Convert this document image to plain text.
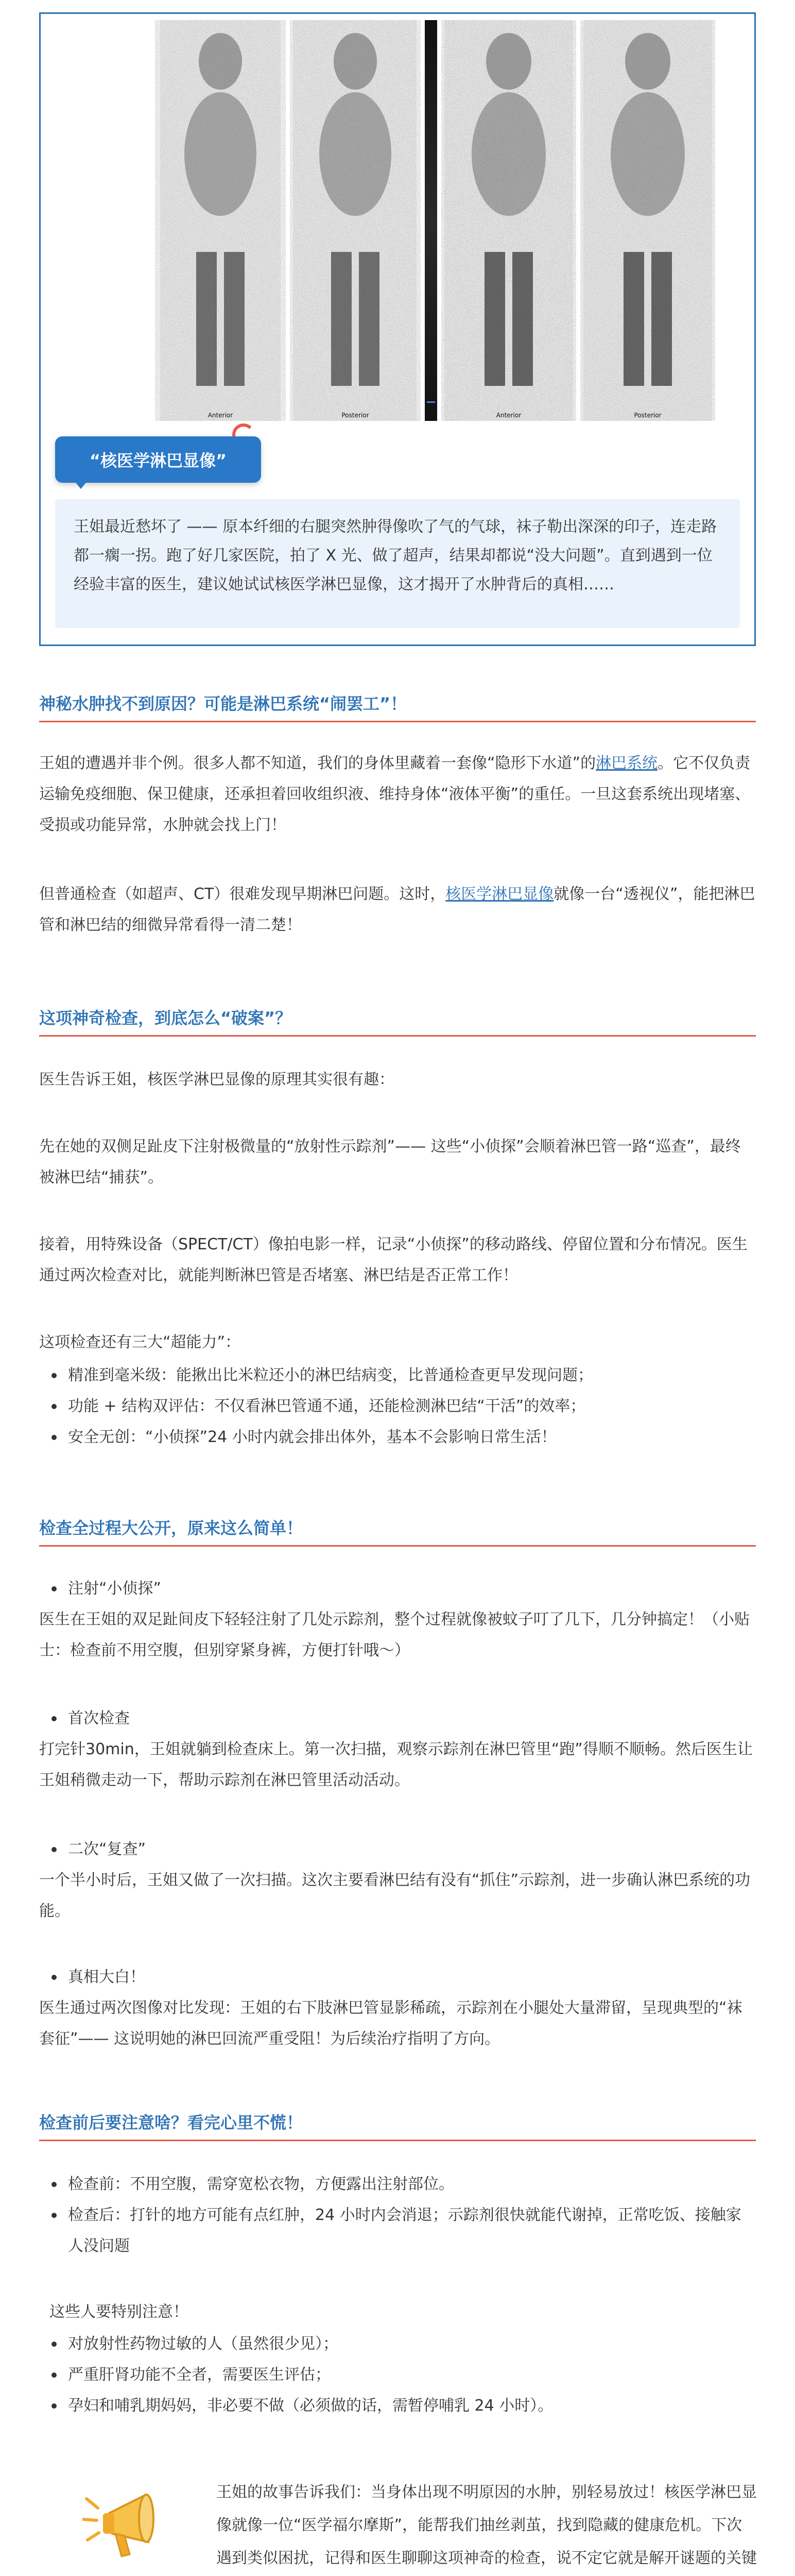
Anterior	Posterior	Anterior	Posterior
“核医学淋巴显像”
王姐最近愁坏了 —— 原本纤细的右腿突然肿得像吹了气的气球，袜子勒出深深的印子，连走路都一瘸一拐。跑了好几家医院，拍了 X 光、做了超声，结果却都说“没大问题”。直到遇到一位经验丰富的医生，建议她试试核医学淋巴显像，这才揭开了水肿背后的真相……
神秘水肿找不到原因？可能是淋巴系统“闹罢工”！
王姐的遭遇并非个例。很多人都不知道，我们的身体里藏着一套像“隐形下水道”的淋巴系统。它不仅负责运输免疫细胞、保卫健康，还承担着回收组织液、维持身体“液体平衡”的重任。一旦这套系统出现堵塞、受损或功能异常，水肿就会找上门！
但普通检查（如超声、CT）很难发现早期淋巴问题。这时，核医学淋巴显像就像一台“透视仪”，能把淋巴管和淋巴结的细微异常看得一清二楚！
这项神奇检查，到底怎么“破案”？
医生告诉王姐，核医学淋巴显像的原理其实很有趣：
先在她的双侧足趾皮下注射极微量的“放射性示踪剂”—— 这些“小侦探”会顺着淋巴管一路“巡查”，最终被淋巴结“捕获”。
接着，用特殊设备（SPECT/CT）像拍电影一样，记录“小侦探”的移动路线、停留位置和分布情况。医生通过两次检查对比，就能判断淋巴管是否堵塞、淋巴结是否正常工作！
这项检查还有三大“超能力”：
精准到毫米级：能揪出比米粒还小的淋巴结病变，比普通检查更早发现问题；
功能 + 结构双评估：不仅看淋巴管通不通，还能检测淋巴结“干活”的效率；
安全无创：“小侦探”24 小时内就会排出体外，基本不会影响日常生活！
检查全过程大公开，原来这么简单！
注射“小侦探”
医生在王姐的双足趾间皮下轻轻注射了几处示踪剂，整个过程就像被蚊子叮了几下，几分钟搞定！（小贴士：检查前不用空腹，但别穿紧身裤，方便打针哦～）
首次检查
打完针30min，王姐就躺到检查床上。第一次扫描，观察示踪剂在淋巴管里“跑”得顺不顺畅。然后医生让王姐稍微走动一下，帮助示踪剂在淋巴管里活动活动。
二次“复查”
一个半小时后，王姐又做了一次扫描。这次主要看淋巴结有没有“抓住”示踪剂，进一步确认淋巴系统的功能。
真相大白！
医生通过两次图像对比发现：王姐的右下肢淋巴管显影稀疏，示踪剂在小腿处大量滞留，呈现典型的“袜套征”—— 这说明她的淋巴回流严重受阻！为后续治疗指明了方向。
检查前后要注意啥？看完心里不慌！
检查前：不用空腹，需穿宽松衣物，方便露出注射部位。
检查后：打针的地方可能有点红肿，24 小时内会消退；示踪剂很快就能代谢掉，正常吃饭、接触家人没问题
这些人要特别注意！
对放射性药物过敏的人（虽然很少见）；
严重肝肾功能不全者，需要医生评估；
孕妇和哺乳期妈妈，非必要不做（必须做的话，需暂停哺乳 24 小时）。
王姐的故事告诉我们：当身体出现不明原因的水肿，别轻易放过！核医学淋巴显像就像一位“医学福尔摩斯”，能帮我们抽丝剥茧，找到隐藏的健康危机。下次遇到类似困扰，记得和医生聊聊这项神奇的检查，说不定它就是解开谜题的关键
